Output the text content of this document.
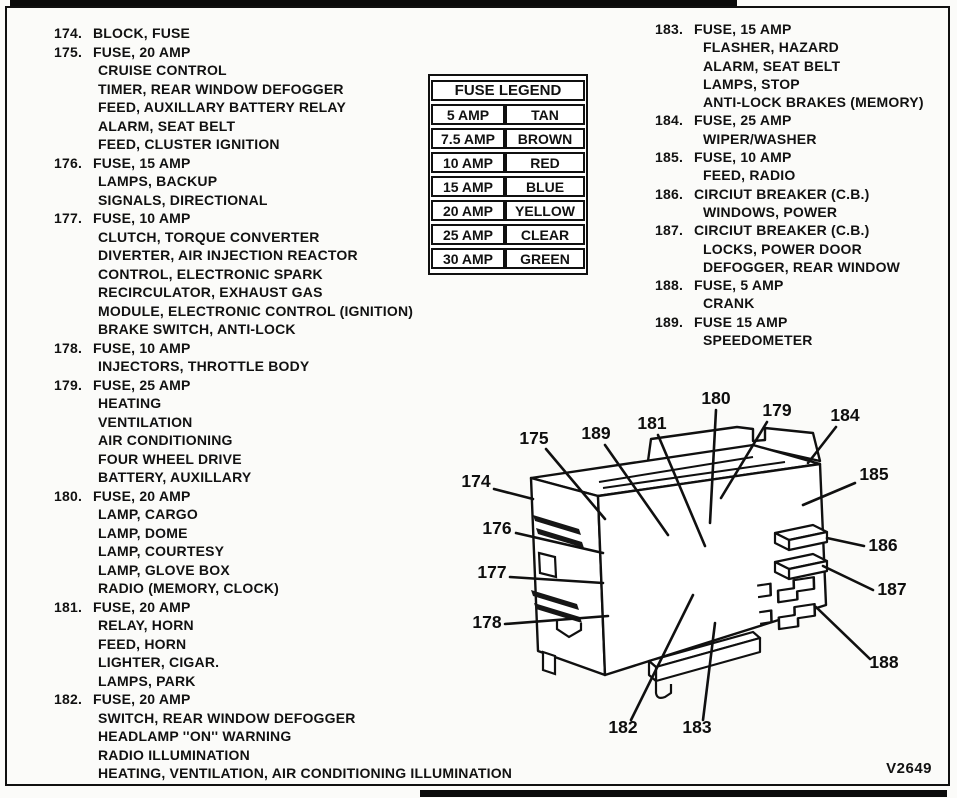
174. BLOCK, FUSE
175. FUSE, 20 AMP
CRUISE CONTROL
TIMER, REAR WINDOW DEFOGGER
FEED, AUXILLARY BATTERY RELAY
ALARM, SEAT BELT
FEED, CLUSTER IGNITION
176. FUSE, 15 AMP
LAMPS, BACKUP
SIGNALS, DIRECTIONAL
177. FUSE, 10 AMP
CLUTCH, TORQUE CONVERTER
DIVERTER, AIR INJECTION REACTOR
CONTROL, ELECTRONIC SPARK
RECIRCULATOR, EXHAUST GAS
MODULE, ELECTRONIC CONTROL (IGNITION)
BRAKE SWITCH, ANTI-LOCK
178. FUSE, 10 AMP
INJECTORS, THROTTLE BODY
179. FUSE, 25 AMP
HEATING
VENTILATION
AIR CONDITIONING
FOUR WHEEL DRIVE
BATTERY, AUXILLARY
180. FUSE, 20 AMP
LAMP, CARGO
LAMP, DOME
LAMP, COURTESY
LAMP, GLOVE BOX
RADIO (MEMORY, CLOCK)
181. FUSE, 20 AMP
RELAY, HORN
FEED, HORN
LIGHTER, CIGAR.
LAMPS, PARK
182. FUSE, 20 AMP
SWITCH, REAR WINDOW DEFOGGER
HEADLAMP ''ON'' WARNING
RADIO ILLUMINATION
HEATING, VENTILATION, AIR CONDITIONING ILLUMINATION
183. FUSE, 15 AMP
FLASHER, HAZARD
ALARM, SEAT BELT
LAMPS, STOP
ANTI-LOCK BRAKES (MEMORY)
184. FUSE, 25 AMP
WIPER/WASHER
185. FUSE, 10 AMP
FEED, RADIO
186. CIRCIUT BREAKER (C.B.)
WINDOWS, POWER
187. CIRCIUT BREAKER (C.B.)
LOCKS, POWER DOOR
DEFOGGER, REAR WINDOW
188. FUSE, 5 AMP
CRANK
189. FUSE 15 AMP
SPEEDOMETER
FUSE LEGEND	
5 AMP	TAN
7.5 AMP	BROWN
10 AMP	RED
15 AMP	BLUE
20 AMP	YELLOW
25 AMP	CLEAR
30 AMP	GREEN
174
175 189 181
180
179 184
185
186
187
188
176
177
178
182	183
V2649
